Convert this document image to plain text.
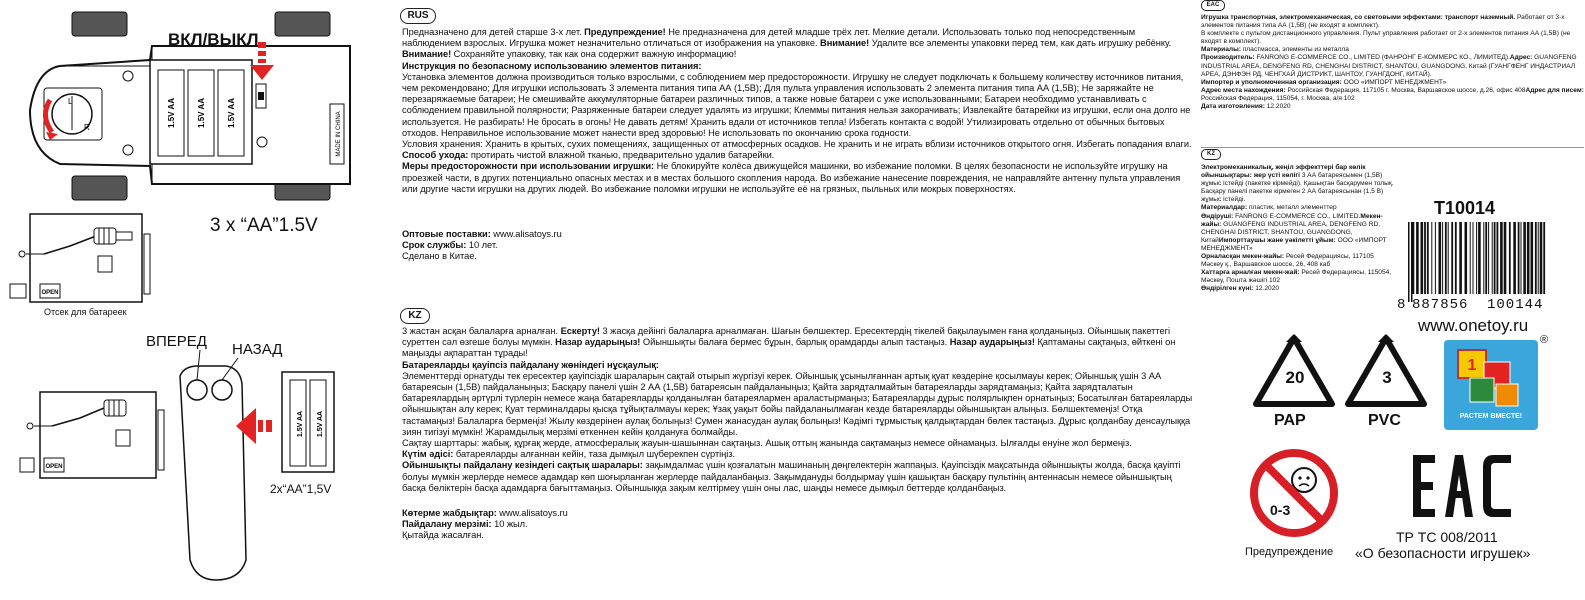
L
R	1.5V AA	1.5V AA	1.5V AA	MADE IN CHINA
OPEN
1.5V AA 1.5V AA
OPEN
ВКЛ/ВЫКЛ
3 x “AA”1.5V
Отсек для батареек
ВПЕРЕД НАЗАД
2x“AA”1,5V
RUS
Предназначено для детей старше 3-х лет. Предупреждение! Не предназначена для детей младше трёх лет. Мелкие детали. Использовать только под непосредственным наблюдением взрослых. Игрушка может незначительно отличаться от изображения на упаковке. Внимание! Удалите все элементы упаковки перед тем, как дать игрушку ребёнку. Внимание! Сохраняйте упаковку, так как она содержит важную информацию!
Инструкция по безопасному использованию элементов питания:
Установка элементов должна производиться только взрослыми, с соблюдением мер предосторожности. Игрушку не следует подключать к большему количеству источников питания, чем рекомендовано; Для игрушки использовать 3 элемента питания типа АА (1,5В); Для пульта управления использовать 2 элемента питания типа АА (1,5В); Не заряжайте не перезаряжаемые батареи; Не смешивайте аккумуляторные батареи различных типов, а также новые батареи с уже использованными; Батареи необходимо устанавливать с соблюдением правильной полярности; Разряженные батареи следует удалять из игрушки; Клеммы питания нельзя закорачивать; Извлекайте батарейки из игрушки, если она долго не используется. Не разбирать! Не бросать в огонь! Не давать детям! Хранить вдали от источников тепла! Избегать контакта с водой! Утилизировать отдельно от обычных бытовых отходов. Неправильное использование может нанести вред здоровью! Не использовать по окончанию срока годности.
Условия хранения: Хранить в крытых, сухих помещениях, защищенных от атмосферных осадков. Не хранить и не играть вблизи источников открытого огня. Избегать попадания влаги.
Способ ухода: протирать чистой влажной тканью, предварительно удалив батарейки.
Меры предосторожности при использовании игрушки: Не блокируйте колёса движущейся машинки, во избежание поломки. В целях безопасности не используйте игрушку на проезжей части, в других потенциально опасных местах и в местах большого скопления народа. Во избежание нанесение повреждения, не направляйте антенну пульта управления или другие части игрушки на других людей. Во избежание поломки игрушки не используйте её на грязных, пыльных или мокрых поверхностях.
Оптовые поставки: www.alisatoys.ru
Срок службы: 10 лет.
Сделано в Китае.
KZ
3 жастан асқан балаларға арналған. Ескерту! 3 жасқа дейінгі балаларға арналмаған. Шағын бөлшектер. Ересектердің тікелей бақылауымен ғана қолданыңыз. Ойыншық пакеттегі суреттен сəл өзгеше болуы мүмкін. Назар аударыңыз! Ойыншықты балаға бермес бұрын, барлық орамдарды алып тастаңыз. Назар аударыңыз! Қаптаманы сақтаңыз, өйткені он маңызды ақпараттан тұрады!
Батареяларды қауіпсіз пайдалану жөніндегі нұсқаулық:
Элементтерді орнатуды тек ересектер қауіпсіздік шараларын сақтай отырып жүргізуі керек. Ойыншық ұсынылғаннан артық қуат көздеріне қосылмауы керек; Ойыншық үшін 3 АА батареясын (1,5В) пайдаланыңыз; Басқару панелі үшін 2 АА (1,5В) батареясын пайдаланыңыз; Қайта зарядталмайтын батареяларды зарядтамаңыз; Қайта зарядталатын батареялардың әртүрлі түрлерін немесе жаңа батареяларды қолданылған батареялармен араластырмаңыз; Батареяларды дұрыс полярлықпен орнатыңыз; Босатылған батареяларды ойыншықтан алу керек; Қуат терминалдары қысқа тұйықталмауы керек; Ұзақ уақыт бойы пайдаланылмаған кезде батареяларды ойыншықтан алыңыз. Бөлшектемеңіз! Отқа тастамаңыз! Балаларға бермеңіз! Жылу көздерінен аулақ болыңыз! Сумен жанасудан аулақ болыңыз! Кәдімгі тұрмыстық қалдықтардан бөлек тастаңыз. Дұрыс қолданбау денсаулыққа зиян тигізуі мүмкін! Жарамдылық мерзімі өткеннен кейін қолдануға болмайды.
Сақтау шарттары: жабық, құрғақ жерде, атмосфералық жауын-шашыннан сақтаңыз. Ашық оттың жанында сақтамаңыз немесе ойнамаңыз. Ылғалды енуіне жол бермеңіз.
Күтім әдісі: батареяларды алғаннан кейін, таза дымқыл шүберекпен сүртіңіз.
Ойыншықты пайдалану кезіндегі сақтық шаралары: зақымдалмас үшін қозғалатын машинаның дөңгелектерін жаппаңыз. Қауіпсіздік мақсатында ойыншықты жолда, басқа қауіпті болуы мүмкін жерлерде немесе адамдар көп шоғырланған жерлерде пайдаланбаңыз. Зақымдануды болдырмау үшін қашықтан басқару пультінің антеннасын немесе ойыншықтың басқа бөліктерін басқа адамдарға бағыттамаңыз. Ойыншыққа зақым келтірмеу үшін оны лас, шаңды немесе дымқыл беттерде қолданбаңыз.
Көтерме жабдықтар: www.alisatoys.ru
Пайдалану мерзімі: 10 жыл.
Қытайда жасалған.
EAC
Игрушка транспортная, электромеханическая, со световыми эффектами: транспорт наземный. Работает от 3-х элементов питания типа АА (1,5В) (не входят в комплект).
В комплекте с пультом дистанционного управления. Пульт управления работает от 2-х элементов питания АА (1,5В) (не входят в комплект).
Материалы: пластмасса, элементы из металла
Производитель: FANRONG E-COMMERCE CO., LIMITED (ФАНРОНГ Е-КОММЕРС КО., ЛИМИТЕД).Адрес: GUANGFENG INDUSTRIAL AREA, DENGFENG RD, CHENGHAI DISTRICT, SHANTOU, GUANGDONG, Китай (ГУАНГФЕНГ ИНДАСТРИАЛ АРЕА, ДЭНФЭН РД, ЧЕНГХАЙ ДИСТРИКТ, ШАНТОУ, ГУАНГДОНГ, КИТАЙ).
Импортер и уполномоченная организация: ООО «ИМПОРТ МЕНЕДЖМЕНТ»
Адрес места нахождения: Российская Федерация, 117105 г. Москва, Варшавское шоссе, д.26, офис 408Адрес для писем: Российская Федерация, 115054, г. Москва, а/я 102
Дата изготовления: 12.2020
KZ
Электромеханикалық, жеңіл эффекттері бар көлік ойыншықтары: жер үсті көлігі 3 АА батареясымен (1,5В) жұмыс істейді (пакетке кірмейді). Қашықтан басқарумен толық. Басқару панелі пакетке кірмеген 2 АА батареясынан (1,5 В) жұмыс істейді.
Материалдар: пластик, металл элементтер
Өндіруші: FANRONG E-COMMERCE CO., LIMITED.Мекен-жайы: GUANGFENG INDUSTRIAL AREA, DENGFENG RD, CHENGHAI DISTRICT, SHANTOU, GUANGDONG, КитайИмпорттаушы жане уәкілетті ұйым: ООО «ИМПОРТ МЕНЕДЖМЕНТ»
Орналасқан мекен-жайы: Ресей Федерациясы, 117105 Мәскеу қ., Варшавское шоссе, 26, 408 каб
Хаттарға арналған мекен-жай: Ресей Федерациясы, 115054, Мәскеу, Пошта жәшігі 102
Өндірілген күні: 12.2020
T10014
8 887856 100144
www.onetoy.ru
20
PAP
3
PVC
1
РАСТЕМ ВМЕСТЕ!
®
0-3
Предупреждение
ТР ТС 008/2011
«О безопасности игрушек»
